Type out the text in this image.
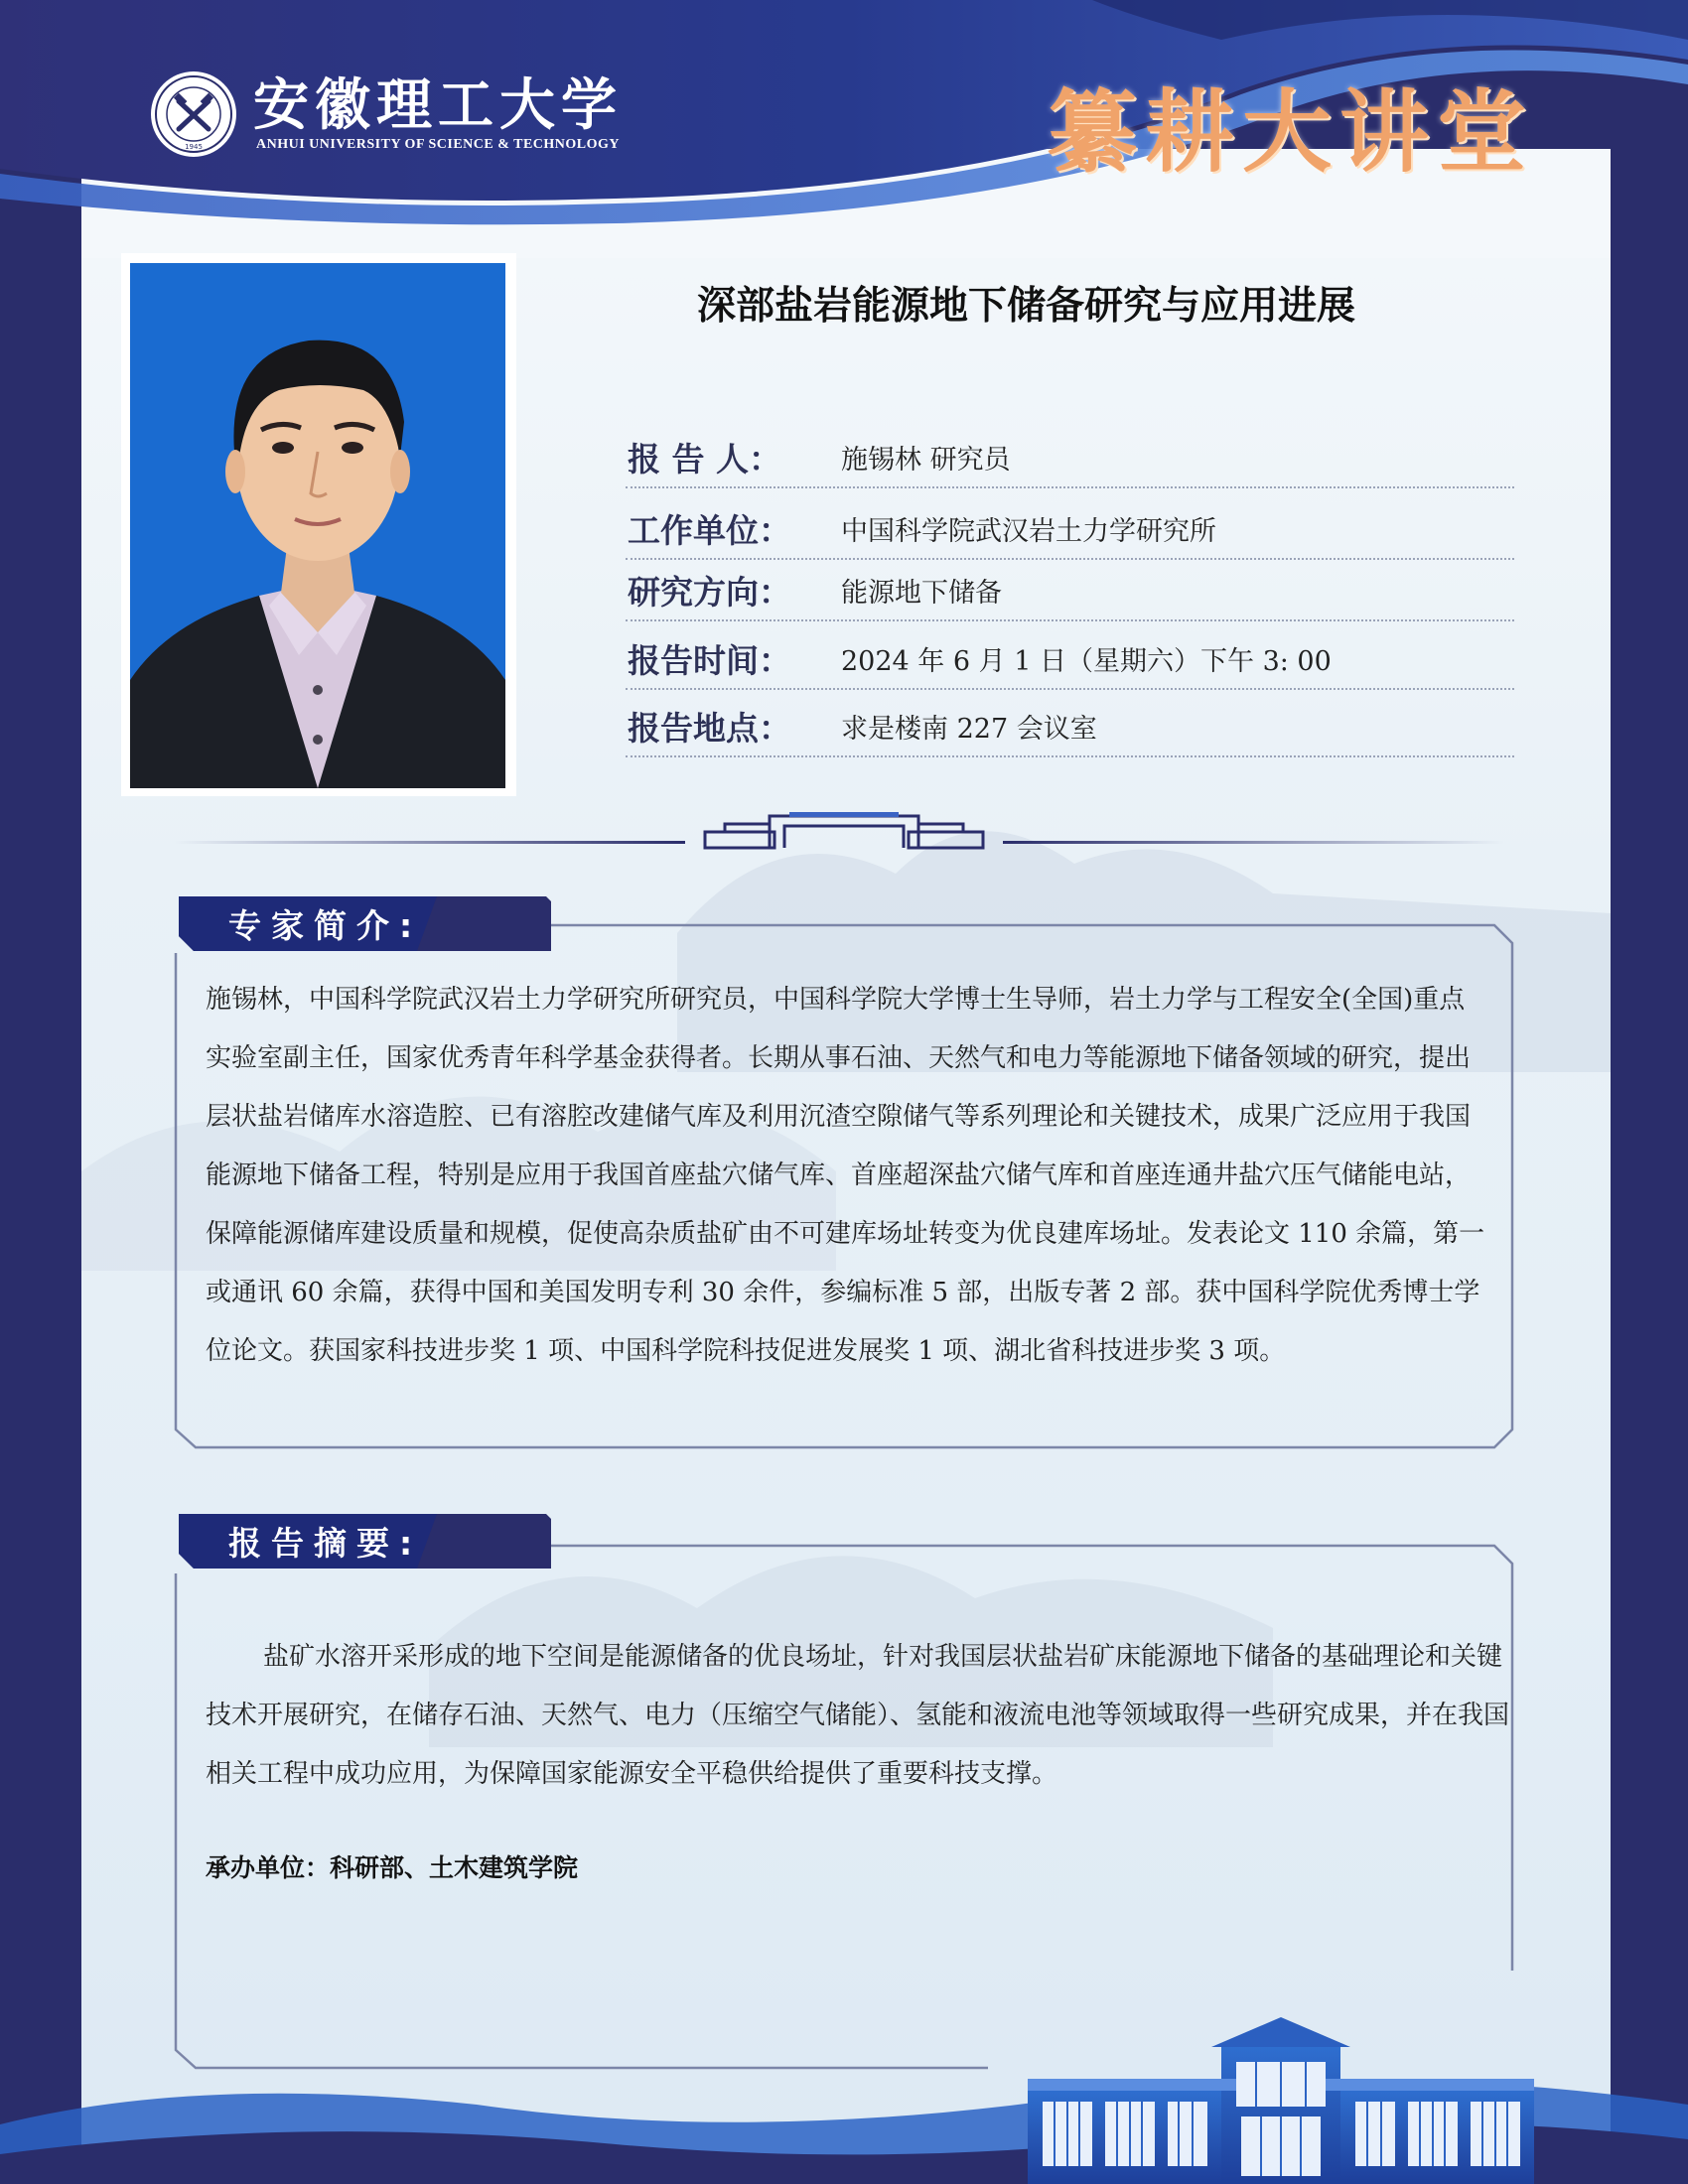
1945
安徽理工大学
ANHUI UNIVERSITY OF SCIENCE & TECHNOLOGY	纂耕大讲堂
深部盐岩能源地下储备研究与应用进展
报 告 人：	施锡林 研究员
工作单位：	中国科学院武汉岩土力学研究所
研究方向：	能源地下储备
报告时间：	2024 年 6 月 1 日（星期六）下午 3: 00
报告地点：	求是楼南 227 会议室
专家简介:
施锡林，中国科学院武汉岩土力学研究所研究员，中国科学院大学博士生导师，岩土力学与工程安全(全国)重点实验室副主任，国家优秀青年科学基金获得者。长期从事石油、天然气和电力等能源地下储备领域的研究，提出层状盐岩储库水溶造腔、已有溶腔改建储气库及利用沉渣空隙储气等系列理论和关键技术，成果广泛应用于我国能源地下储备工程，特别是应用于我国首座盐穴储气库、首座超深盐穴储气库和首座连通井盐穴压气储能电站，保障能源储库建设质量和规模，促使高杂质盐矿由不可建库场址转变为优良建库场址。发表论文 110 余篇，第一或通讯 60 余篇，获得中国和美国发明专利 30 余件，参编标准 5 部，出版专著 2 部。获中国科学院优秀博士学位论文。获国家科技进步奖 1 项、中国科学院科技促进发展奖 1 项、湖北省科技进步奖 3 项。
报告摘要:
盐矿水溶开采形成的地下空间是能源储备的优良场址，针对我国层状盐岩矿床能源地下储备的基础理论和关键技术开展研究，在储存石油、天然气、电力（压缩空气储能）、氢能和液流电池等领域取得一些研究成果，并在我国相关工程中成功应用，为保障国家能源安全平稳供给提供了重要科技支撑。
承办单位：科研部、土木建筑学院
